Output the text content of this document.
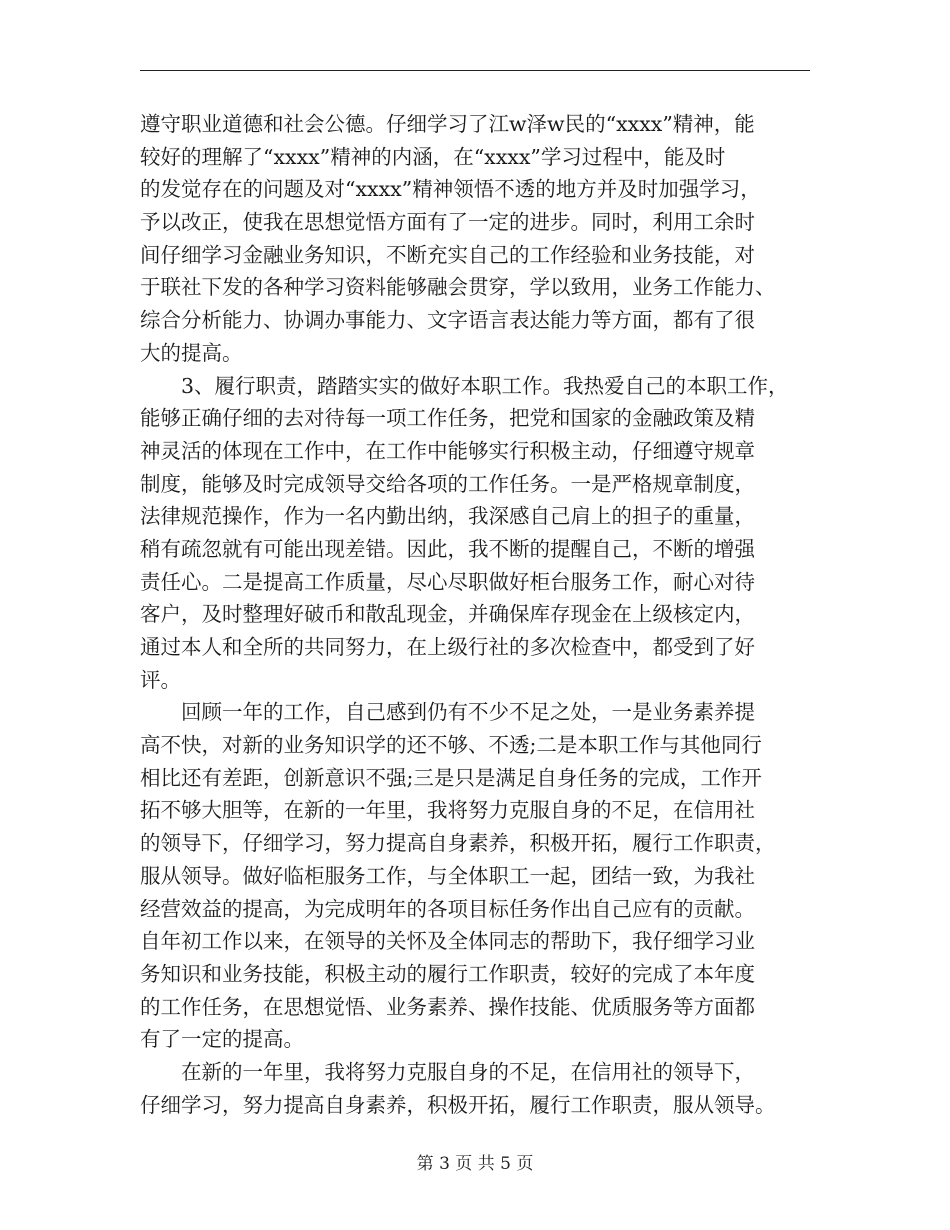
遵守职业道德和社会公德。仔细学习了江w泽w民的“xxxx”精神，能
较好的理解了“xxxx”精神的内涵，在“xxxx”学习过程中，能及时
的发觉存在的问题及对“xxxx”精神领悟不透的地方并及时加强学习，
予以改正，使我在思想觉悟方面有了一定的进步。同时，利用工余时
间仔细学习金融业务知识，不断充实自己的工作经验和业务技能，对
于联社下发的各种学习资料能够融会贯穿，学以致用，业务工作能力、
综合分析能力、协调办事能力、文字语言表达能力等方面，都有了很
大的提高。
3、履行职责，踏踏实实的做好本职工作。我热爱自己的本职工作，
能够正确仔细的去对待每一项工作任务，把党和国家的金融政策及精
神灵活的体现在工作中，在工作中能够实行积极主动，仔细遵守规章
制度，能够及时完成领导交给各项的工作任务。一是严格规章制度，
法律规范操作，作为一名内勤出纳，我深感自己肩上的担子的重量，
稍有疏忽就有可能出现差错。因此，我不断的提醒自己，不断的增强
责任心。二是提高工作质量，尽心尽职做好柜台服务工作，耐心对待
客户，及时整理好破币和散乱现金，并确保库存现金在上级核定内，
通过本人和全所的共同努力，在上级行社的多次检查中，都受到了好
评。
回顾一年的工作，自己感到仍有不少不足之处，一是业务素养提
高不快，对新的业务知识学的还不够、不透;二是本职工作与其他同行
相比还有差距，创新意识不强;三是只是满足自身任务的完成，工作开
拓不够大胆等，在新的一年里，我将努力克服自身的不足，在信用社
的领导下，仔细学习，努力提高自身素养，积极开拓，履行工作职责，
服从领导。做好临柜服务工作，与全体职工一起，团结一致，为我社
经营效益的提高，为完成明年的各项目标任务作出自己应有的贡献。
自年初工作以来，在领导的关怀及全体同志的帮助下，我仔细学习业
务知识和业务技能，积极主动的履行工作职责，较好的完成了本年度
的工作任务，在思想觉悟、业务素养、操作技能、优质服务等方面都
有了一定的提高。
在新的一年里，我将努力克服自身的不足，在信用社的领导下，
仔细学习，努力提高自身素养，积极开拓，履行工作职责，服从领导。
第 3 页 共 5 页
